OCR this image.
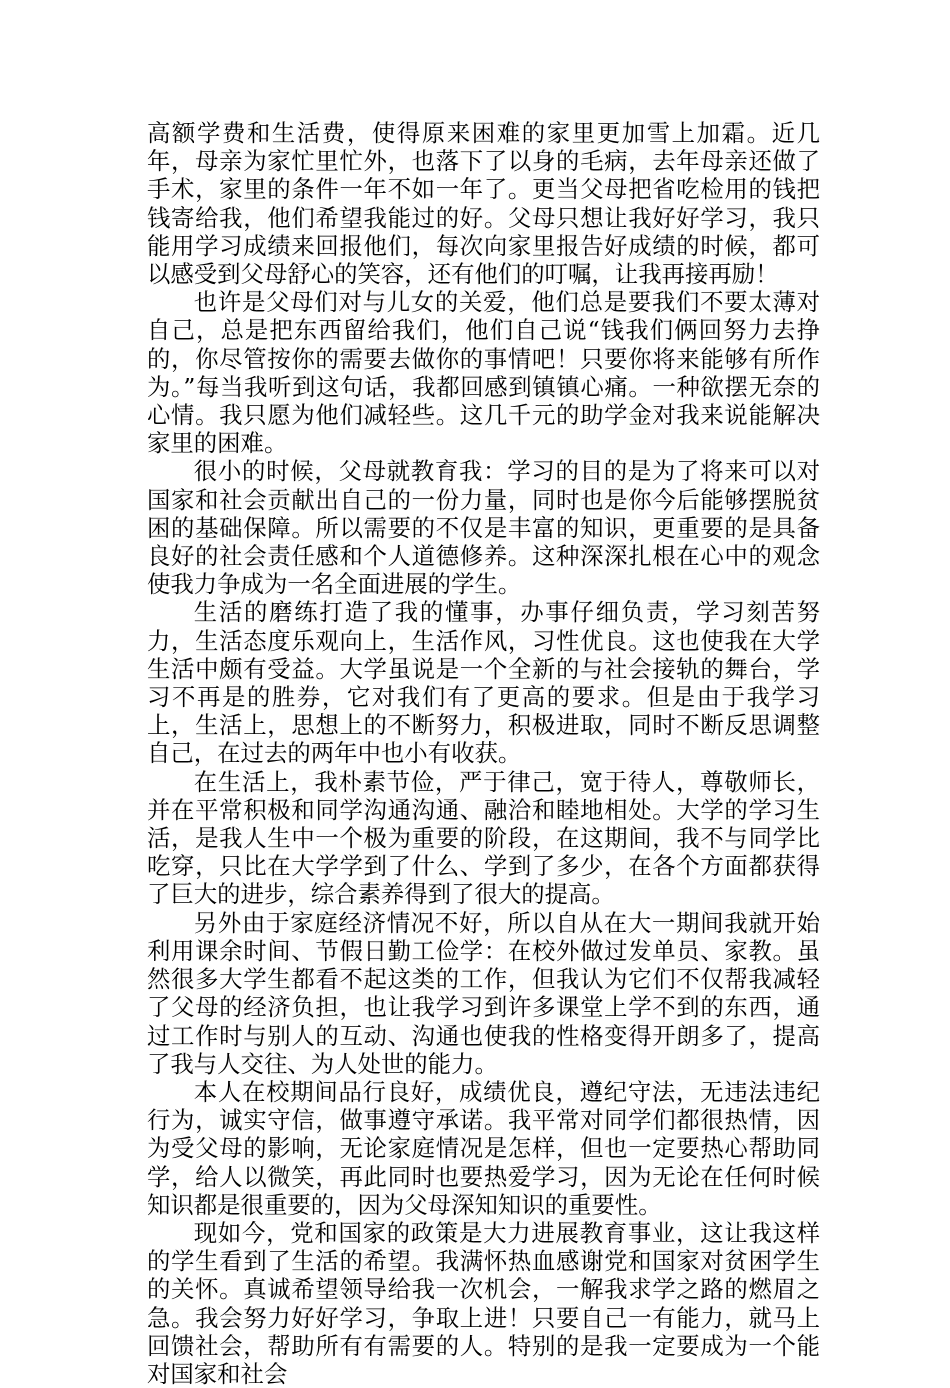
高额学费和生活费，使得原来困难的家里更加雪上加霜。近几年，母亲为家忙里忙外，也落下了以身的毛病，去年母亲还做了手术，家里的条件一年不如一年了。更当父母把省吃检用的钱把钱寄给我，他们希望我能过的好。父母只想让我好好学习，我只能用学习成绩来回报他们，每次向家里报告好成绩的时候，都可以感受到父母舒心的笑容，还有他们的叮嘱，让我再接再励！

也许是父母们对与儿女的关爱，他们总是要我们不要太薄对自己，总是把东西留给我们，他们自己说“钱我们俩回努力去挣的，你尽管按你的需要去做你的事情吧！只要你将来能够有所作为。”每当我听到这句话，我都回感到镇镇心痛。一种欲摆无奈的心情。我只愿为他们减轻些。这几千元的助学金对我来说能解决家里的困难。

很小的时候，父母就教育我：学习的目的是为了将来可以对国家和社会贡献出自己的一份力量，同时也是你今后能够摆脱贫困的基础保障。所以需要的不仅是丰富的知识，更重要的是具备良好的社会责任感和个人道德修养。这种深深扎根在心中的观念使我力争成为一名全面进展的学生。

生活的磨练打造了我的懂事，办事仔细负责，学习刻苦努力，生活态度乐观向上，生活作风，习性优良。这也使我在大学生活中颇有受益。大学虽说是一个全新的与社会接轨的舞台，学习不再是的胜券，它对我们有了更高的要求。但是由于我学习上，生活上，思想上的不断努力，积极进取，同时不断反思调整自己，在过去的两年中也小有收获。

在生活上，我朴素节俭，严于律己，宽于待人，尊敬师长，并在平常积极和同学沟通沟通、融洽和睦地相处。大学的学习生活，是我人生中一个极为重要的阶段，在这期间，我不与同学比吃穿，只比在大学学到了什么、学到了多少，在各个方面都获得了巨大的进步，综合素养得到了很大的提高。

另外由于家庭经济情况不好，所以自从在大一期间我就开始利用课余时间、节假日勤工俭学：在校外做过发单员、家教。虽然很多大学生都看不起这类的工作，但我认为它们不仅帮我减轻了父母的经济负担，也让我学习到许多课堂上学不到的东西，通过工作时与别人的互动、沟通也使我的性格变得开朗多了，提高了我与人交往、为人处世的能力。

本人在校期间品行良好，成绩优良，遵纪守法，无违法违纪行为，诚实守信，做事遵守承诺。我平常对同学们都很热情，因为受父母的影响，无论家庭情况是怎样，但也一定要热心帮助同学，给人以微笑，再此同时也要热爱学习，因为无论在任何时候知识都是很重要的，因为父母深知知识的重要性。

现如今，党和国家的政策是大力进展教育事业，这让我这样的学生看到了生活的希望。我满怀热血感谢党和国家对贫困学生的关怀。真诚希望领导给我一次机会，一解我求学之路的燃眉之急。我会努力好好学习，争取上进！只要自己一有能力，就马上回馈社会，帮助所有有需要的人。特别的是我一定要成为一个能对国家和社会
